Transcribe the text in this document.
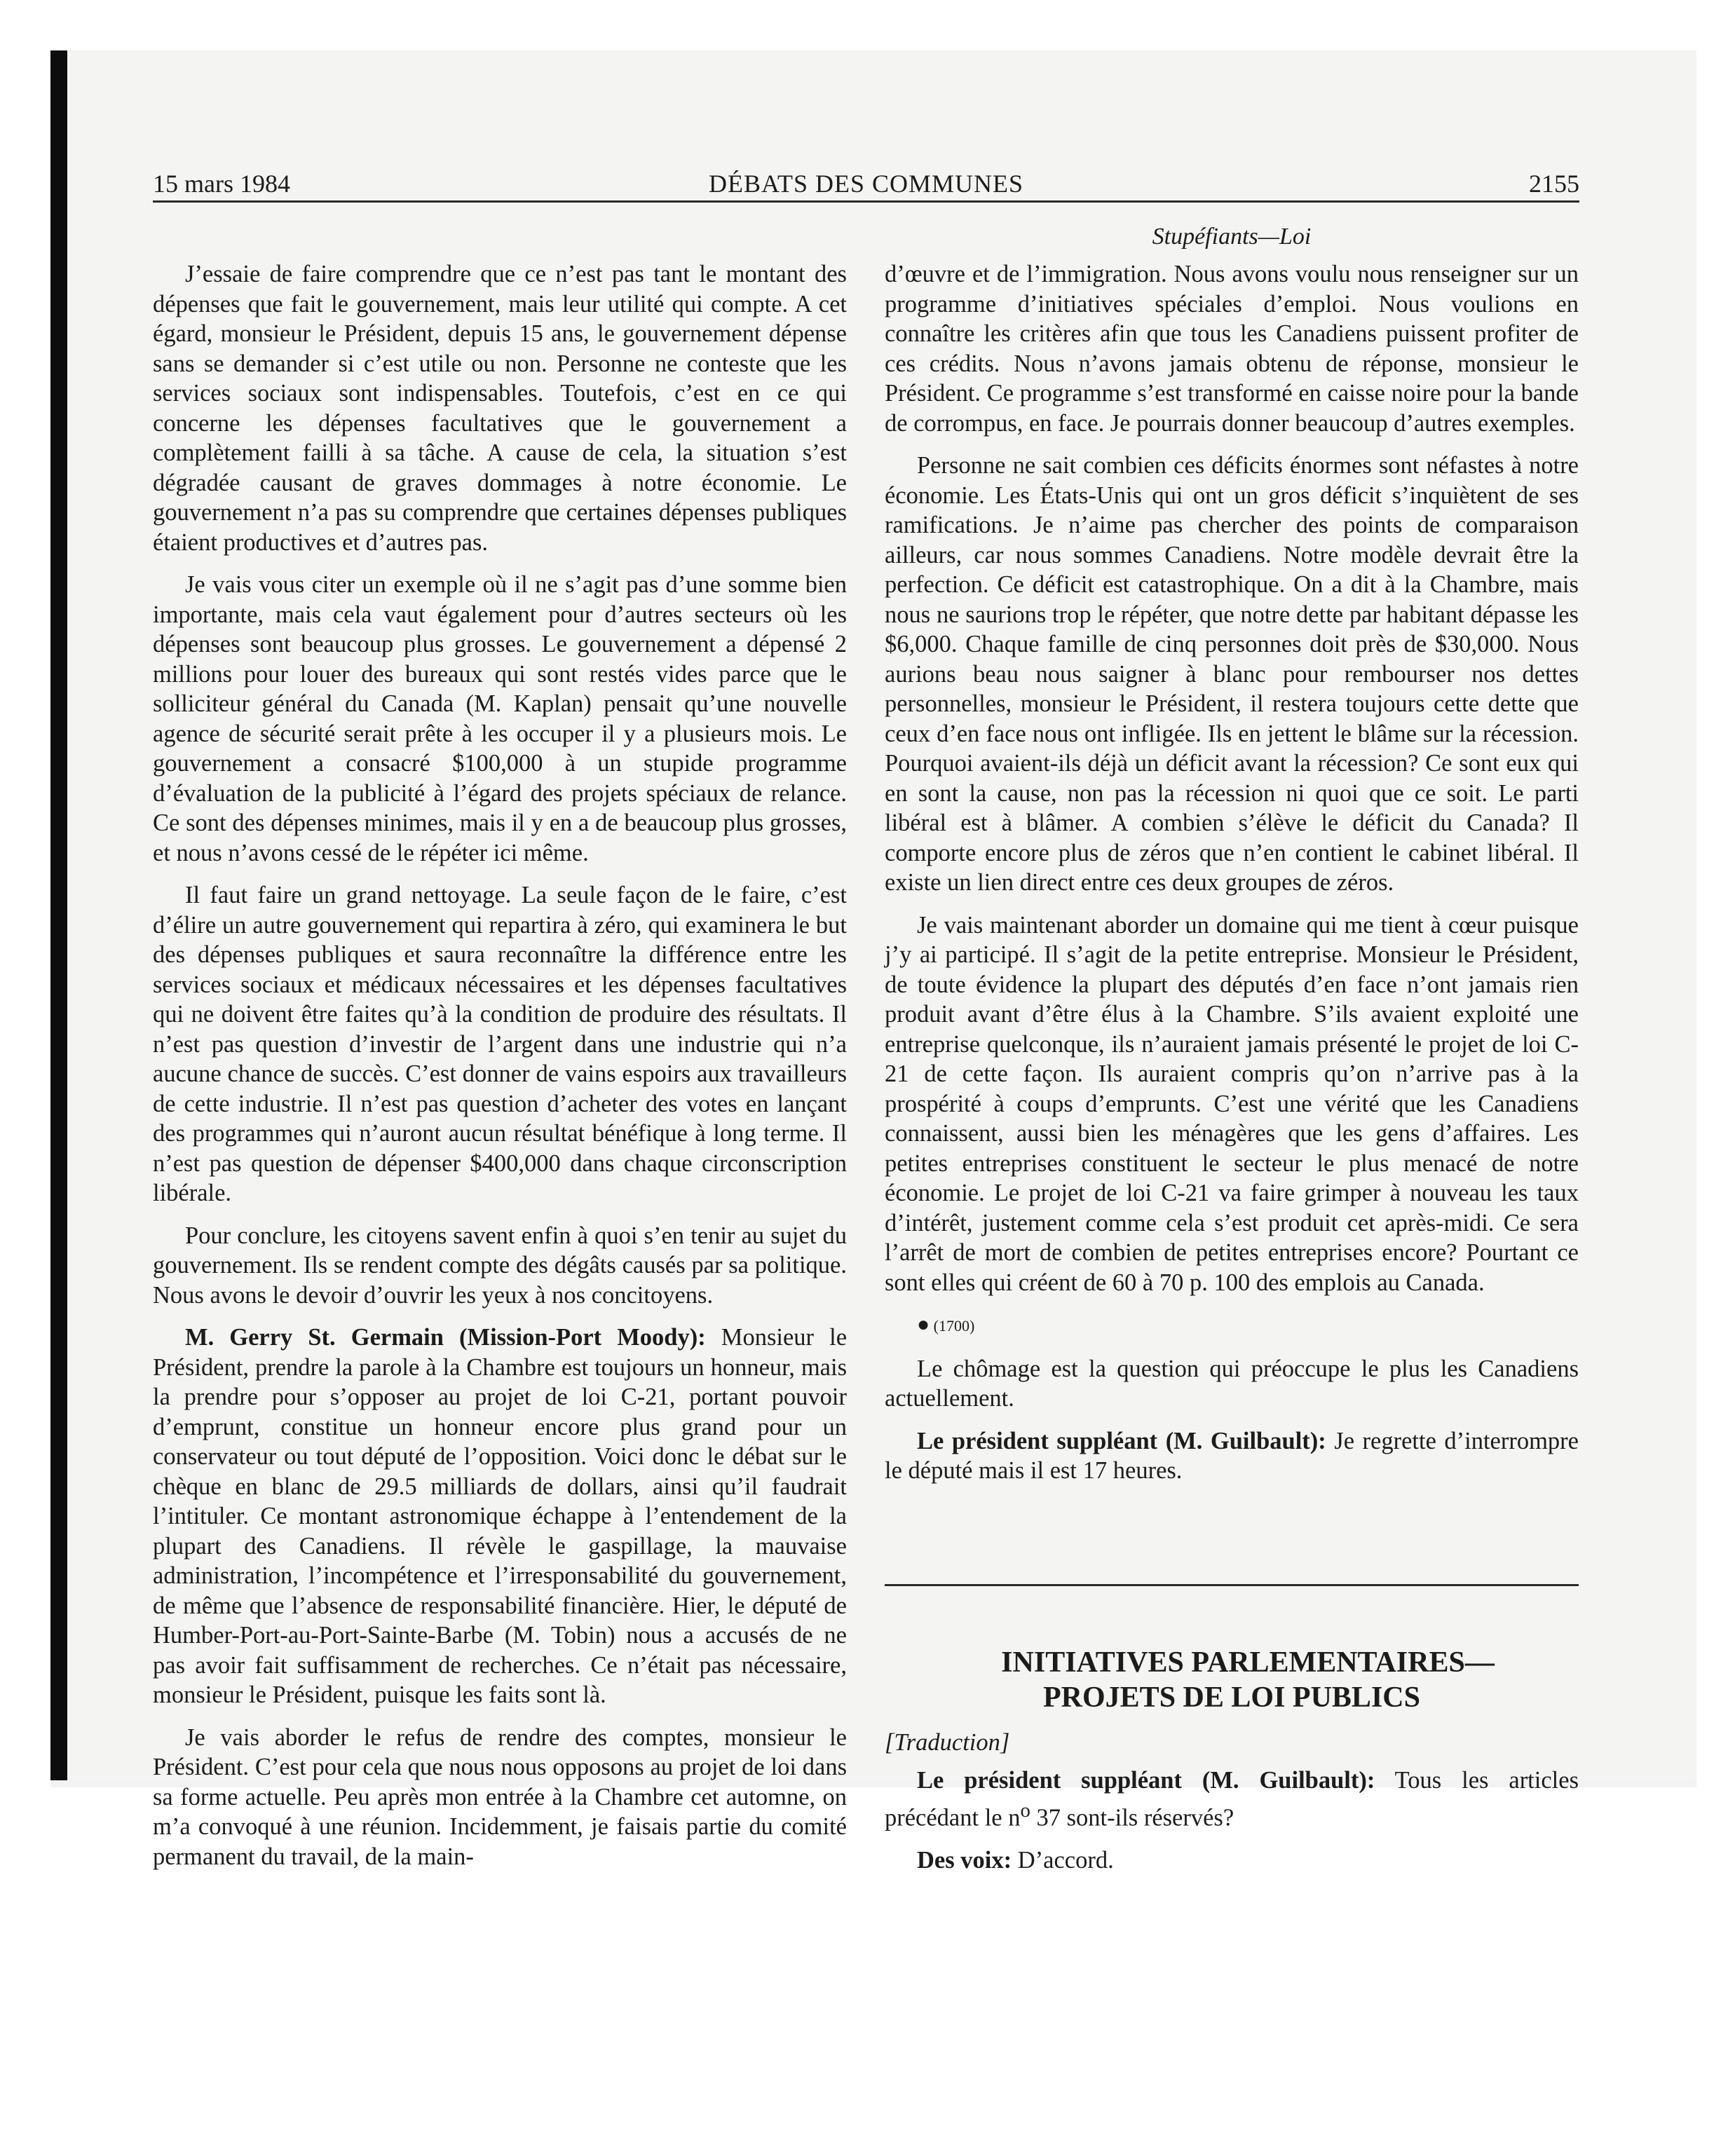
15 mars 1984	DÉBATS DES COMMUNES	2155
Stupéfiants—Loi

J’essaie de faire comprendre que ce n’est pas tant le montant des dépenses que fait le gouvernement, mais leur utilité qui compte. A cet égard, monsieur le Président, depuis 15 ans, le gouvernement dépense sans se demander si c’est utile ou non. Personne ne conteste que les services sociaux sont indispensables. Toutefois, c’est en ce qui concerne les dépenses facultatives que le gouvernement a complètement failli à sa tâche. A cause de cela, la situation s’est dégradée causant de graves dommages à notre économie. Le gouvernement n’a pas su comprendre que certaines dépenses publiques étaient productives et d’autres pas.

Je vais vous citer un exemple où il ne s’agit pas d’une somme bien importante, mais cela vaut également pour d’autres secteurs où les dépenses sont beaucoup plus grosses. Le gouvernement a dépensé 2 millions pour louer des bureaux qui sont restés vides parce que le solliciteur général du Canada (M. Kaplan) pensait qu’une nouvelle agence de sécurité serait prête à les occuper il y a plusieurs mois. Le gouvernement a consacré $100,000 à un stupide programme d’évaluation de la publicité à l’égard des projets spéciaux de relance. Ce sont des dépenses minimes, mais il y en a de beaucoup plus grosses, et nous n’avons cessé de le répéter ici même.

Il faut faire un grand nettoyage. La seule façon de le faire, c’est d’élire un autre gouvernement qui repartira à zéro, qui examinera le but des dépenses publiques et saura reconnaître la différence entre les services sociaux et médicaux nécessaires et les dépenses facultatives qui ne doivent être faites qu’à la condition de produire des résultats. Il n’est pas question d’investir de l’argent dans une industrie qui n’a aucune chance de succès. C’est donner de vains espoirs aux travailleurs de cette industrie. Il n’est pas question d’acheter des votes en lançant des programmes qui n’auront aucun résultat bénéfique à long terme. Il n’est pas question de dépenser $400,000 dans chaque circonscription libérale.

Pour conclure, les citoyens savent enfin à quoi s’en tenir au sujet du gouvernement. Ils se rendent compte des dégâts causés par sa politique. Nous avons le devoir d’ouvrir les yeux à nos concitoyens.

M. Gerry St. Germain (Mission-Port Moody): Monsieur le Président, prendre la parole à la Chambre est toujours un honneur, mais la prendre pour s’opposer au projet de loi C-21, portant pouvoir d’emprunt, constitue un honneur encore plus grand pour un conservateur ou tout député de l’opposition. Voici donc le débat sur le chèque en blanc de 29.5 milliards de dollars, ainsi qu’il faudrait l’intituler. Ce montant astronomique échappe à l’entendement de la plupart des Canadiens. Il révèle le gaspillage, la mauvaise administration, l’incompétence et l’irresponsabilité du gouvernement, de même que l’absence de responsabilité financière. Hier, le député de Humber-Port-au-Port-Sainte-Barbe (M. Tobin) nous a accusés de ne pas avoir fait suffisamment de recherches. Ce n’était pas nécessaire, monsieur le Président, puisque les faits sont là.

Je vais aborder le refus de rendre des comptes, monsieur le Président. C’est pour cela que nous nous opposons au projet de loi dans sa forme actuelle. Peu après mon entrée à la Chambre cet automne, on m’a convoqué à une réunion. Incidemment, je faisais partie du comité permanent du travail, de la main-

d’œuvre et de l’immigration. Nous avons voulu nous renseigner sur un programme d’initiatives spéciales d’emploi. Nous voulions en connaître les critères afin que tous les Canadiens puissent profiter de ces crédits. Nous n’avons jamais obtenu de réponse, monsieur le Président. Ce programme s’est transformé en caisse noire pour la bande de corrompus, en face. Je pourrais donner beaucoup d’autres exemples.

Personne ne sait combien ces déficits énormes sont néfastes à notre économie. Les États-Unis qui ont un gros déficit s’inquiètent de ses ramifications. Je n’aime pas chercher des points de comparaison ailleurs, car nous sommes Canadiens. Notre modèle devrait être la perfection. Ce déficit est catastrophique. On a dit à la Chambre, mais nous ne saurions trop le répéter, que notre dette par habitant dépasse les $6,000. Chaque famille de cinq personnes doit près de $30,000. Nous aurions beau nous saigner à blanc pour rembourser nos dettes personnelles, monsieur le Président, il restera toujours cette dette que ceux d’en face nous ont infligée. Ils en jettent le blâme sur la récession. Pourquoi avaient-ils déjà un déficit avant la récession? Ce sont eux qui en sont la cause, non pas la récession ni quoi que ce soit. Le parti libéral est à blâmer. A combien s’élève le déficit du Canada? Il comporte encore plus de zéros que n’en contient le cabinet libéral. Il existe un lien direct entre ces deux groupes de zéros.

Je vais maintenant aborder un domaine qui me tient à cœur puisque j’y ai participé. Il s’agit de la petite entreprise. Monsieur le Président, de toute évidence la plupart des députés d’en face n’ont jamais rien produit avant d’être élus à la Chambre. S’ils avaient exploité une entreprise quelconque, ils n’auraient jamais présenté le projet de loi C-21 de cette façon. Ils auraient compris qu’on n’arrive pas à la prospérité à coups d’emprunts. C’est une vérité que les Canadiens connaissent, aussi bien les ménagères que les gens d’affaires. Les petites entreprises constituent le secteur le plus menacé de notre économie. Le projet de loi C-21 va faire grimper à nouveau les taux d’intérêt, justement comme cela s’est produit cet après-midi. Ce sera l’arrêt de mort de combien de petites entreprises encore? Pourtant ce sont elles qui créent de 60 à 70 p. 100 des emplois au Canada.

● (1700)

Le chômage est la question qui préoccupe le plus les Canadiens actuellement.

Le président suppléant (M. Guilbault): Je regrette d’interrompre le député mais il est 17 heures.

INITIATIVES PARLEMENTAIRES—
PROJETS DE LOI PUBLICS

[Traduction]

Le président suppléant (M. Guilbault): Tous les articles précédant le $n^o$ 37 sont-ils réservés?

Des voix: D’accord.
